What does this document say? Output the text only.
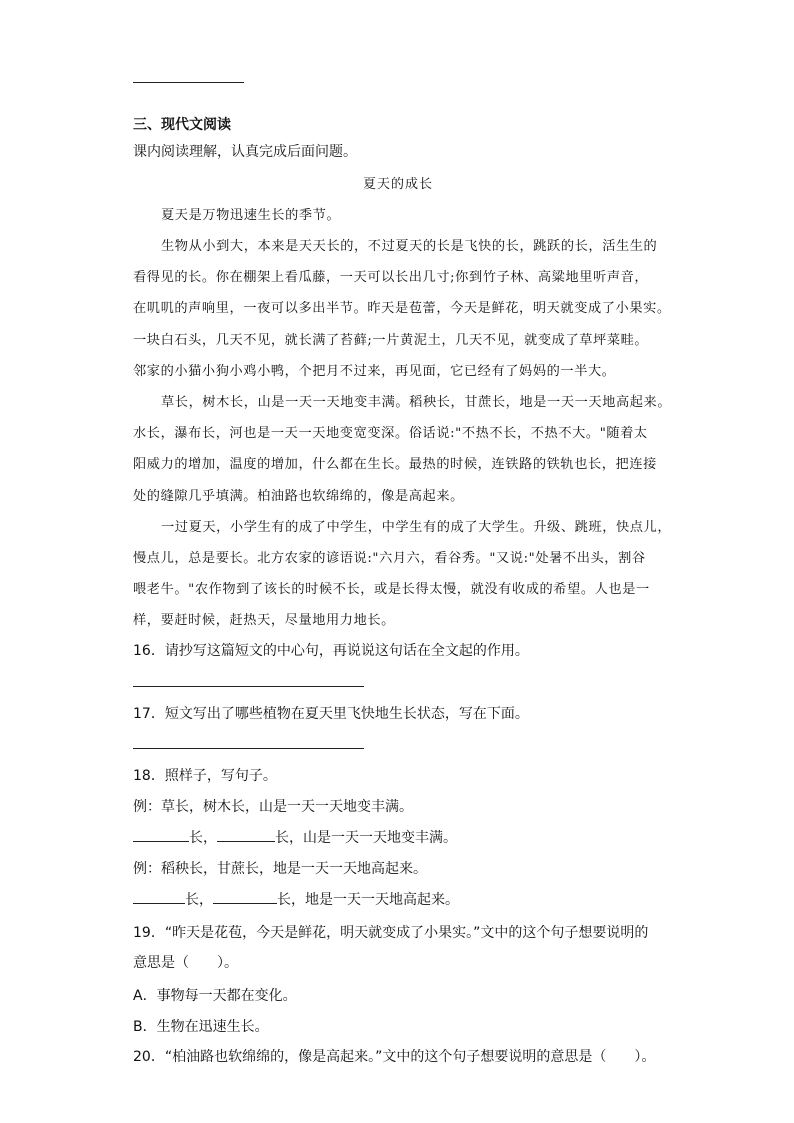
三、现代文阅读
课内阅读理解，认真完成后面问题。
夏天的成长
夏天是万物迅速生长的季节。
生物从小到大，本来是天天长的，不过夏天的长是飞快的长，跳跃的长，活生生的
看得见的长。你在棚架上看瓜藤，一天可以长出几寸;你到竹子林、高粱地里听声音，
在叽叽的声响里，一夜可以多出半节。昨天是苞蕾，今天是鲜花，明天就变成了小果实。
一块白石头，几天不见，就长满了苔藓;一片黄泥土，几天不见，就变成了草坪菜畦。
邻家的小猫小狗小鸡小鸭，个把月不过来，再见面，它已经有了妈妈的一半大。
草长，树木长，山是一天一天地变丰满。稻秧长，甘蔗长，地是一天一天地高起来。
水长，瀑布长，河也是一天一天地变宽变深。俗话说:"不热不长，不热不大。"随着太
阳威力的增加，温度的增加，什么都在生长。最热的时候，连铁路的铁轨也长，把连接
处的缝隙几乎填满。柏油路也软绵绵的，像是高起来。
一过夏天，小学生有的成了中学生，中学生有的成了大学生。升级、跳班，快点儿，
慢点儿，总是要长。北方农家的谚语说:"六月六，看谷秀。"又说:"处暑不出头，割谷
喂老牛。"农作物到了该长的时候不长，或是长得太慢，就没有收成的希望。人也是一
样，要赶时候，赶热天，尽量地用力地长。
16．请抄写这篇短文的中心句，再说说这句话在全文起的作用。
17．短文写出了哪些植物在夏天里飞快地生长状态，写在下面。
18．照样子，写句子。
例：草长，树木长，山是一天一天地变丰满。
长，	长，山是一天一天地变丰满。
例：稻秧长，甘蔗长，地是一天一天地高起来。
长，	长，地是一天一天地高起来。
19．“昨天是花苞，今天是鲜花，明天就变成了小果实。”文中的这个句子想要说明的
意思是（　　）。
A．事物每一天都在变化。
B．生物在迅速生长。
20．“柏油路也软绵绵的，像是高起来。”文中的这个句子想要说明的意思是（　　）。
